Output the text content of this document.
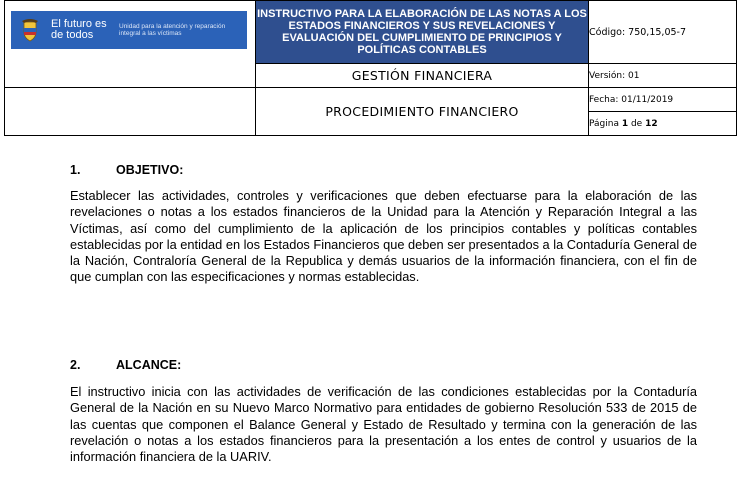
El futuro es de todos
Unidad para la atención y reparación integral a las víctimas	INSTRUCTIVO PARA LA ELABORACIÓN DE LAS NOTAS A LOS ESTADOS FINANCIEROS Y SUS REVELACIONES Y EVALUACIÓN DEL CUMPLIMIENTO DE PRINCIPIOS Y POLÍTICAS CONTABLES	Código: 750,15,05-7
	GESTIÓN FINANCIERA	Versión: 01
	PROCEDIMIENTO FINANCIERO	Fecha: 01/11/2019
		Página 1 de 12
1.	OBJETIVO:

Establecer las actividades, controles y verificaciones que deben efectuarse para la elaboración de las revelaciones o notas a los estados financieros de la Unidad para la Atención y Reparación Integral a las Víctimas, así como del cumplimiento de la aplicación de los principios contables y políticas contables establecidas por la entidad en los Estados Financieros que deben ser presentados a la Contaduría General de la Nación, Contraloría General de la Republica y demás usuarios de la información financiera, con el fin de que cumplan con las especificaciones y normas establecidas.

2.	ALCANCE:

El instructivo inicia con las actividades de verificación de las condiciones establecidas por la Contaduría General de la Nación en su Nuevo Marco Normativo para entidades de gobierno Resolución 533 de 2015 de las cuentas que componen el Balance General y Estado de Resultado y termina con la generación de las revelación o notas a los estados financieros para la presentación a los entes de control y usuarios de la información financiera de la UARIV.
